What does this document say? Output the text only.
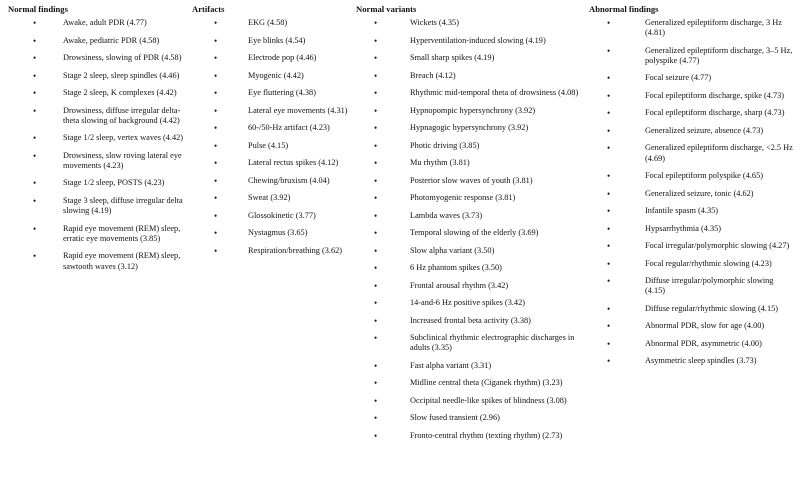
Normal findings
•	Awake, adult PDR (4.77)
•	Awake, pediatric PDR (4.58)
•	Drowsiness, slowing of PDR (4.58)
•	Stage 2 sleep, sleep spindles (4.46)
•	Stage 2 sleep, K complexes (4.42)
•	Drowsiness, diffuse irregular delta-theta slowing of background (4.42)
•	Stage 1/2 sleep, vertex waves (4.42)
•	Drowsiness, slow roving lateral eye movements (4.23)
•	Stage 1/2 sleep, POSTS (4.23)
•	Stage 3 sleep, diffuse irregular delta slowing (4.19)
•	Rapid eye movement (REM) sleep, erratic eye movements (3.85)
•	Rapid eye movement (REM) sleep, sawtooth waves (3.12)
Artifacts
•	EKG (4.58)
•	Eye blinks (4.54)
•	Electrode pop (4.46)
•	Myogenic (4.42)
•	Eye fluttering (4.38)
•	Lateral eye movements (4.31)
•	60-/50-Hz artifact (4.23)
•	Pulse (4.15)
•	Lateral rectus spikes (4.12)
•	Chewing/bruxism (4.04)
•	Sweat (3.92)
•	Glossokinetic (3.77)
•	Nystagmus (3.65)
•	Respiration/breathing (3.62)
Normal variants
•	Wickets (4.35)
•	Hyperventilation-induced slowing (4.19)
•	Small sharp spikes (4.19)
•	Breach (4.12)
•	Rhythmic mid-temporal theta of drowsiness (4.08)
•	Hypnopompic hypersynchrony (3.92)
•	Hypnagogic hypersynchrony (3.92)
•	Photic driving (3.85)
•	Mu rhythm (3.81)
•	Posterior slow waves of youth (3.81)
•	Photomyogenic response (3.81)
•	Lambda waves (3.73)
•	Temporal slowing of the elderly (3.69)
•	Slow alpha variant (3.50)
•	6 Hz phantom spikes (3.50)
•	Frontal arousal rhythm (3.42)
•	14-and-6 Hz positive spikes (3.42)
•	Increased frontal beta activity (3.38)
•	Subclinical rhythmic electrographic discharges in adults (3.35)
•	Fast alpha variant (3.31)
•	Midline central theta (Ciganek rhythm) (3.23)
•	Occipital needle-like spikes of blindness (3.08)
•	Slow fused transient (2.96)
•	Fronto-central rhythm (texting rhythm) (2.73)
Abnormal findings
•	Generalized epileptiform discharge, 3 Hz (4.81)
•	Generalized epileptiform discharge, 3–5 Hz, polyspike (4.77)
•	Focal seizure (4.77)
•	Focal epileptiform discharge, spike (4.73)
•	Focal epileptiform discharge, sharp (4.73)
•	Generalized seizure, absence (4.73)
•	Generalized epileptiform discharge, <2.5 Hz (4.69)
•	Focal epileptiform polyspike (4.65)
•	Generalized seizure, tonic (4.62)
•	Infantile spasm (4.35)
•	Hypsarrhythmia (4.35)
•	Focal irregular/polymorphic slowing (4.27)
•	Focal regular/rhythmic slowing (4.23)
•	Diffuse irregular/polymorphic slowing (4.15)
•	Diffuse regular/rhythmic slowing (4.15)
•	Abnormal PDR, slow for age (4.00)
•	Abnormal PDR, asymmetric (4.00)
•	Asymmetric sleep spindles (3.73)
